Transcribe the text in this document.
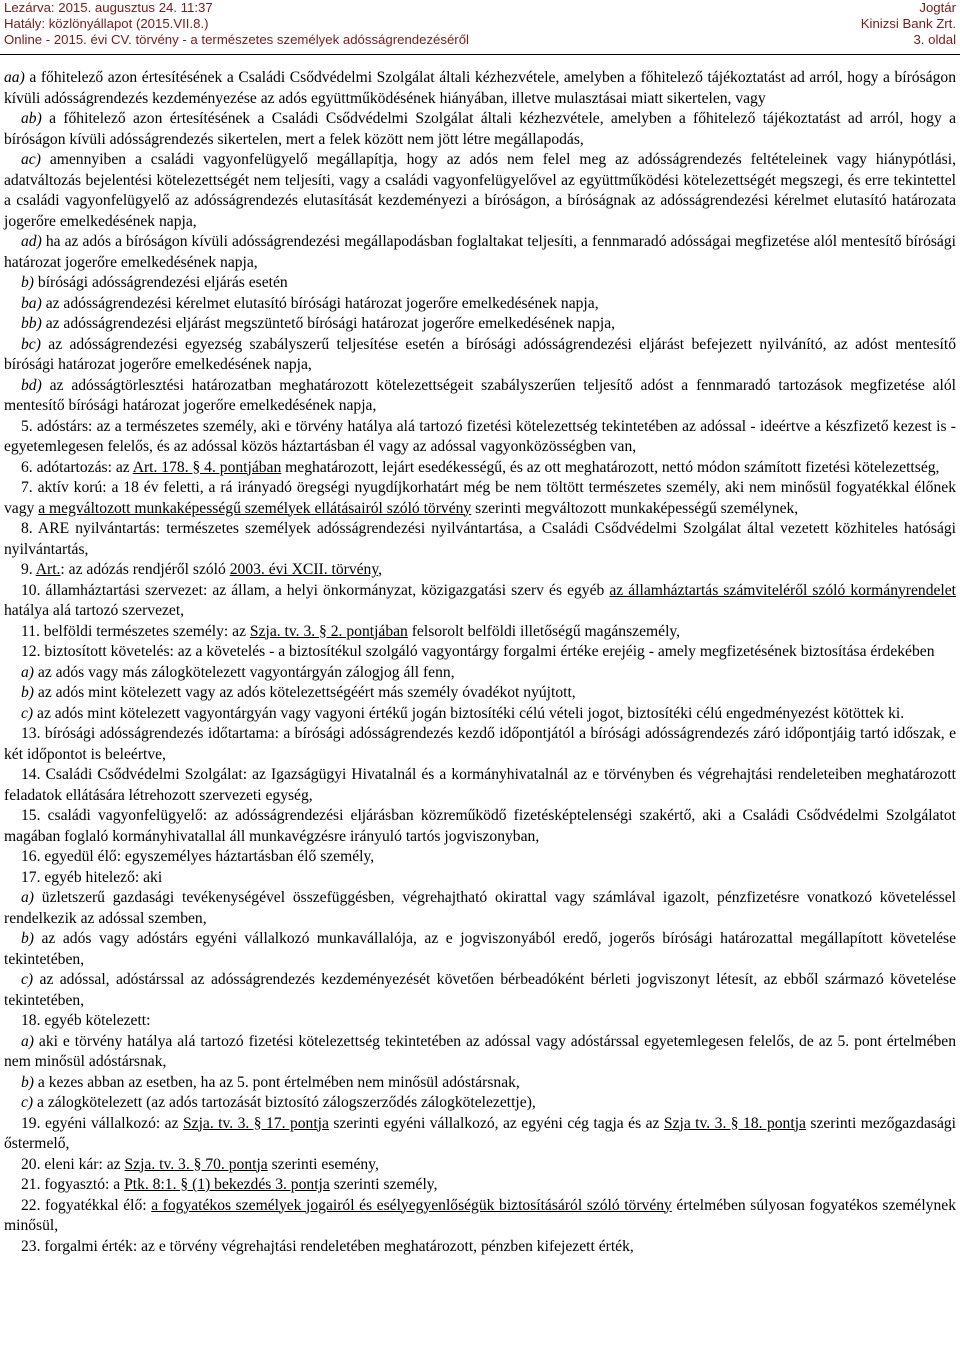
Lezárva: 2015. augusztus 24. 11:37
Hatály: közlönyállapot (2015.VII.8.)
Online - 2015. évi CV. törvény - a természetes személyek adósságrendezéséről
Jogtár
Kinizsi Bank Zrt.
3. oldal

aa) a főhitelező azon értesítésének a Családi Csődvédelmi Szolgálat általi kézhezvétele, amelyben a főhitelező tájékoztatást ad arról, hogy a bíróságon kívüli adósságrendezés kezdeményezése az adós együttműködésének hiányában, illetve mulasztásai miatt sikertelen, vagy

ab) a főhitelező azon értesítésének a Családi Csődvédelmi Szolgálat általi kézhezvétele, amelyben a főhitelező tájékoztatást ad arról, hogy a bíróságon kívüli adósságrendezés sikertelen, mert a felek között nem jött létre megállapodás,

ac) amennyiben a családi vagyonfelügyelő megállapítja, hogy az adós nem felel meg az adósságrendezés feltételeinek vagy hiánypótlási, adatváltozás bejelentési kötelezettségét nem teljesíti, vagy a családi vagyonfelügyelővel az együttműködési kötelezettségét megszegi, és erre tekintettel a családi vagyonfelügyelő az adósságrendezés elutasítását kezdeményezi a bíróságon, a bíróságnak az adósságrendezési kérelmet elutasító határozata jogerőre emelkedésének napja,

ad) ha az adós a bíróságon kívüli adósságrendezési megállapodásban foglaltakat teljesíti, a fennmaradó adósságai megfizetése alól mentesítő bírósági határozat jogerőre emelkedésének napja,

b) bírósági adósságrendezési eljárás esetén

ba) az adósságrendezési kérelmet elutasító bírósági határozat jogerőre emelkedésének napja,

bb) az adósságrendezési eljárást megszüntető bírósági határozat jogerőre emelkedésének napja,

bc) az adósságrendezési egyezség szabályszerű teljesítése esetén a bírósági adósságrendezési eljárást befejezett nyilvánító, az adóst mentesítő bírósági határozat jogerőre emelkedésének napja,

bd) az adósságtörlesztési határozatban meghatározott kötelezettségeit szabályszerűen teljesítő adóst a fennmaradó tartozások megfizetése alól mentesítő bírósági határozat jogerőre emelkedésének napja,

5. adóstárs: az a természetes személy, aki e törvény hatálya alá tartozó fizetési kötelezettség tekintetében az adóssal - ideértve a készfizető kezest is - egyetemlegesen felelős, és az adóssal közös háztartásban él vagy az adóssal vagyonközösségben van,

6. adótartozás: az Art. 178. § 4. pontjában meghatározott, lejárt esedékességű, és az ott meghatározott, nettó módon számított fizetési kötelezettség,

7. aktív korú: a 18 év feletti, a rá irányadó öregségi nyugdíjkorhatárt még be nem töltött természetes személy, aki nem minősül fogyatékkal élőnek vagy a megváltozott munkaképességű személyek ellátásairól szóló törvény szerinti megváltozott munkaképességű személynek,

8. ARE nyilvántartás: természetes személyek adósságrendezési nyilvántartása, a Családi Csődvédelmi Szolgálat által vezetett közhiteles hatósági nyilvántartás,

9. Art.: az adózás rendjéről szóló 2003. évi XCII. törvény,

10. államháztartási szervezet: az állam, a helyi önkormányzat, közigazgatási szerv és egyéb az államháztartás számviteléről szóló kormányrendelet hatálya alá tartozó szervezet,

11. belföldi természetes személy: az Szja. tv. 3. § 2. pontjában felsorolt belföldi illetőségű magánszemély,

12. biztosított követelés: az a követelés - a biztosítékul szolgáló vagyontárgy forgalmi értéke erejéig - amely megfizetésének biztosítása érdekében

a) az adós vagy más zálogkötelezett vagyontárgyán zálogjog áll fenn,

b) az adós mint kötelezett vagy az adós kötelezettségéért más személy óvadékot nyújtott,

c) az adós mint kötelezett vagyontárgyán vagy vagyoni értékű jogán biztosítéki célú vételi jogot, biztosítéki célú engedményezést kötöttek ki.

13. bírósági adósságrendezés időtartama: a bírósági adósságrendezés kezdő időpontjától a bírósági adósságrendezés záró időpontjáig tartó időszak, e két időpontot is beleértve,

14. Családi Csődvédelmi Szolgálat: az Igazságügyi Hivatalnál és a kormányhivatalnál az e törvényben és végrehajtási rendeleteiben meghatározott feladatok ellátására létrehozott szervezeti egység,

15. családi vagyonfelügyelő: az adósságrendezési eljárásban közreműködő fizetésképtelenségi szakértő, aki a Családi Csődvédelmi Szolgálatot magában foglaló kormányhivatallal áll munkavégzésre irányuló tartós jogviszonyban,

16. egyedül élő: egyszemélyes háztartásban élő személy,

17. egyéb hitelező: aki

a) üzletszerű gazdasági tevékenységével összefüggésben, végrehajtható okirattal vagy számlával igazolt, pénzfizetésre vonatkozó követeléssel rendelkezik az adóssal szemben,

b) az adós vagy adóstárs egyéni vállalkozó munkavállalója, az e jogviszonyából eredő, jogerős bírósági határozattal megállapított követelése tekintetében,

c) az adóssal, adóstárssal az adósságrendezés kezdeményezését követően bérbeadóként bérleti jogviszonyt létesít, az ebből származó követelése tekintetében,

18. egyéb kötelezett:

a) aki e törvény hatálya alá tartozó fizetési kötelezettség tekintetében az adóssal vagy adóstárssal egyetemlegesen felelős, de az 5. pont értelmében nem minősül adóstársnak,

b) a kezes abban az esetben, ha az 5. pont értelmében nem minősül adóstársnak,

c) a zálogkötelezett (az adós tartozását biztosító zálogszerződés zálogkötelezettje),

19. egyéni vállalkozó: az Szja. tv. 3. § 17. pontja szerinti egyéni vállalkozó, az egyéni cég tagja és az Szja tv. 3. § 18. pontja szerinti mezőgazdasági őstermelő,

20. eleni kár: az Szja. tv. 3. § 70. pontja szerinti esemény,

21. fogyasztó: a Ptk. 8:1. § (1) bekezdés 3. pontja szerinti személy,

22. fogyatékkal élő: a fogyatékos személyek jogairól és esélyegyenlőségük biztosításáról szóló törvény értelmében súlyosan fogyatékos személynek minősül,

23. forgalmi érték: az e törvény végrehajtási rendeletében meghatározott, pénzben kifejezett érték,
